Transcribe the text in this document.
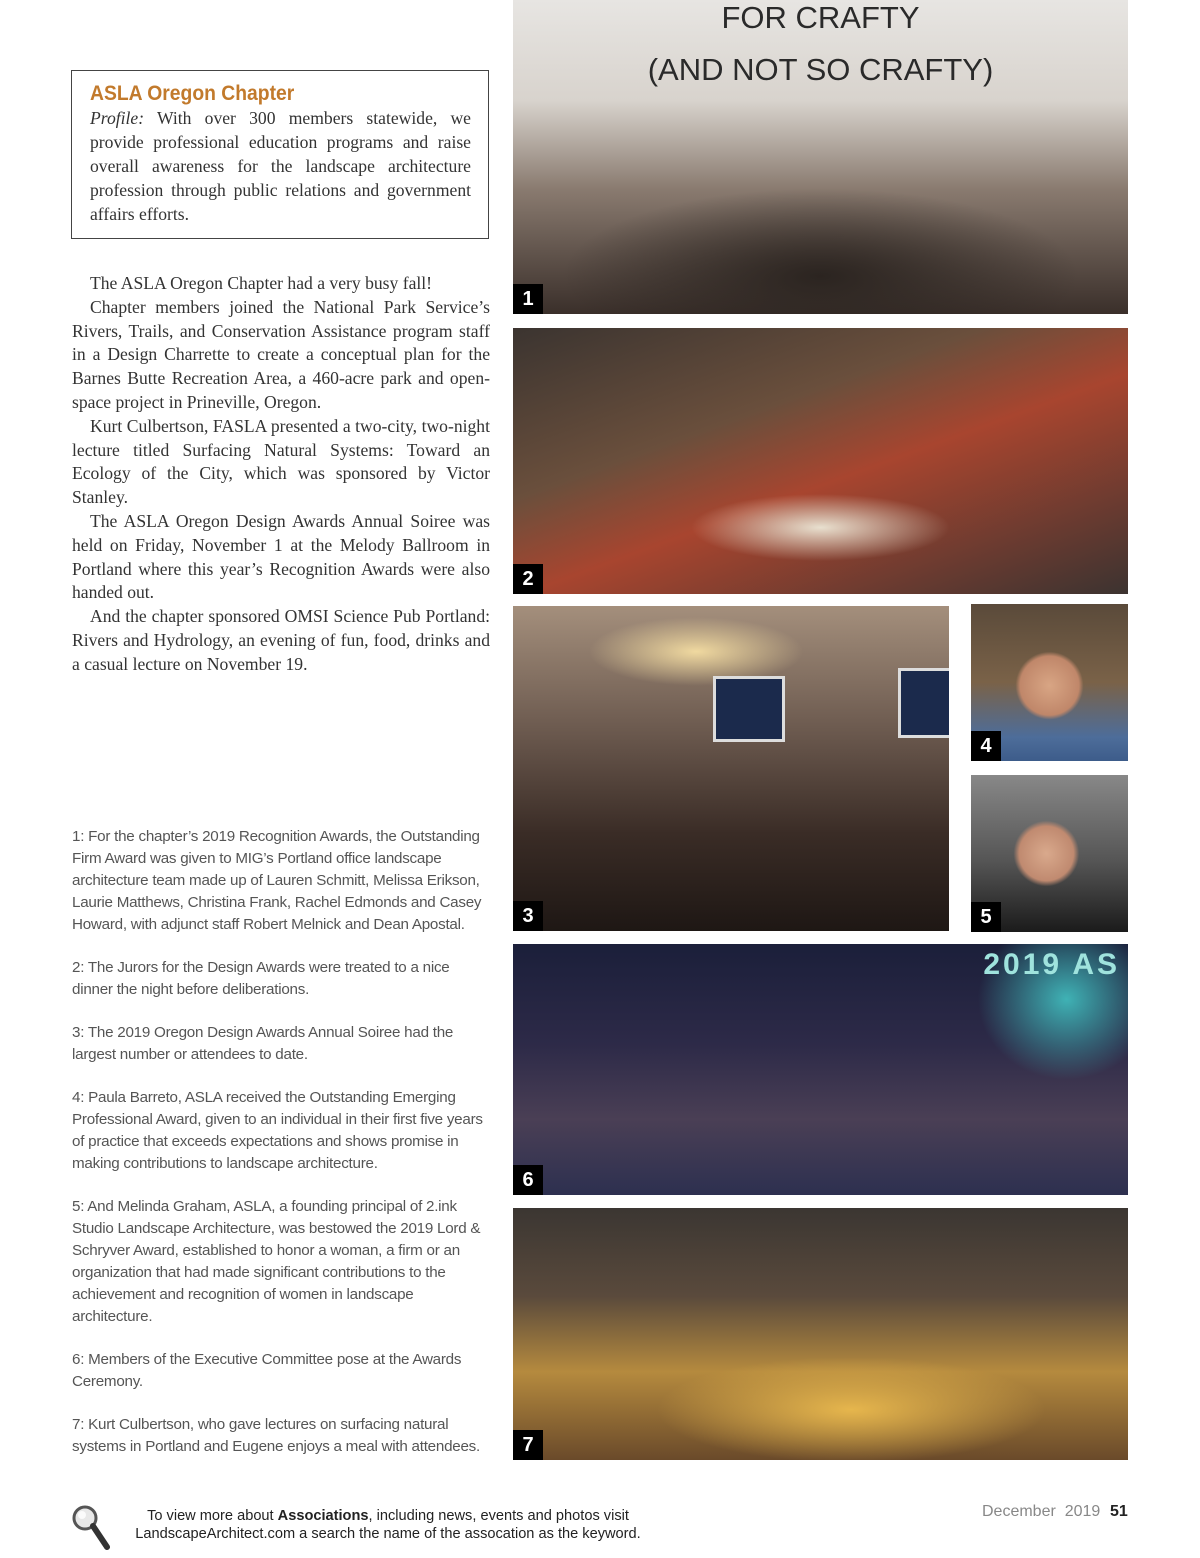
ASLA Oregon Chapter
Profile: With over 300 members statewide, we provide professional education programs and raise overall awareness for the landscape architecture profession through public relations and government affairs efforts.

The ASLA Oregon Chapter had a very busy fall!

Chapter members joined the National Park Service’s Rivers, Trails, and Conservation Assistance program staff in a Design Charrette to create a conceptual plan for the Barnes Butte Recreation Area, a 460-acre park and open-space project in Prineville, Oregon.

Kurt Culbertson, FASLA presented a two-city, two-night lecture titled Surfacing Natural Systems: Toward an Ecology of the City, which was sponsored by Victor Stanley.

The ASLA Oregon Design Awards Annual Soiree was held on Friday, November 1 at the Melody Ballroom in Portland where this year’s Recognition Awards were also handed out.

And the chapter sponsored OMSI Science Pub Portland: Rivers and Hydrology, an evening of fun, food, drinks and a casual lecture on November 19.

1: For the chapter’s 2019 Recognition Awards, the Outstanding Firm Award was given to MIG’s Portland office landscape architecture team made up of Lauren Schmitt, Melissa Erikson, Laurie Matthews, Christina Frank, Rachel Edmonds and Casey Howard, with adjunct staff Robert Melnick and Dean Apostal.

2: The Jurors for the Design Awards were treated to a nice dinner the night before deliberations.

3: The 2019 Oregon Design Awards Annual Soiree had the largest number or attendees to date.

4: Paula Barreto, ASLA received the Outstanding Emerging Professional Award, given to an individual in their first five years of practice that exceeds expectations and shows promise in making contributions to landscape architecture.

5: And Melinda Graham, ASLA, a founding principal of 2.ink Studio Landscape Architecture, was bestowed the 2019 Lord & Schryver Award, established to honor a woman, a firm or an organization that had made significant contributions to the achievement and recognition of women in landscape architecture.

6: Members of the Executive Committee pose at the Awards Ceremony.

7: Kurt Culbertson, who gave lectures on surfacing natural systems in Portland and Eugene enjoys a meal with attendees.

FOR CRAFTY
(AND NOT SO CRAFTY)
1
2
3
4
5
2019 AS
6
7
To view more about Associations, including news, events and photos visit
LandscapeArchitect.com a search the name of the assocation as the keyword.
December  2019 51
